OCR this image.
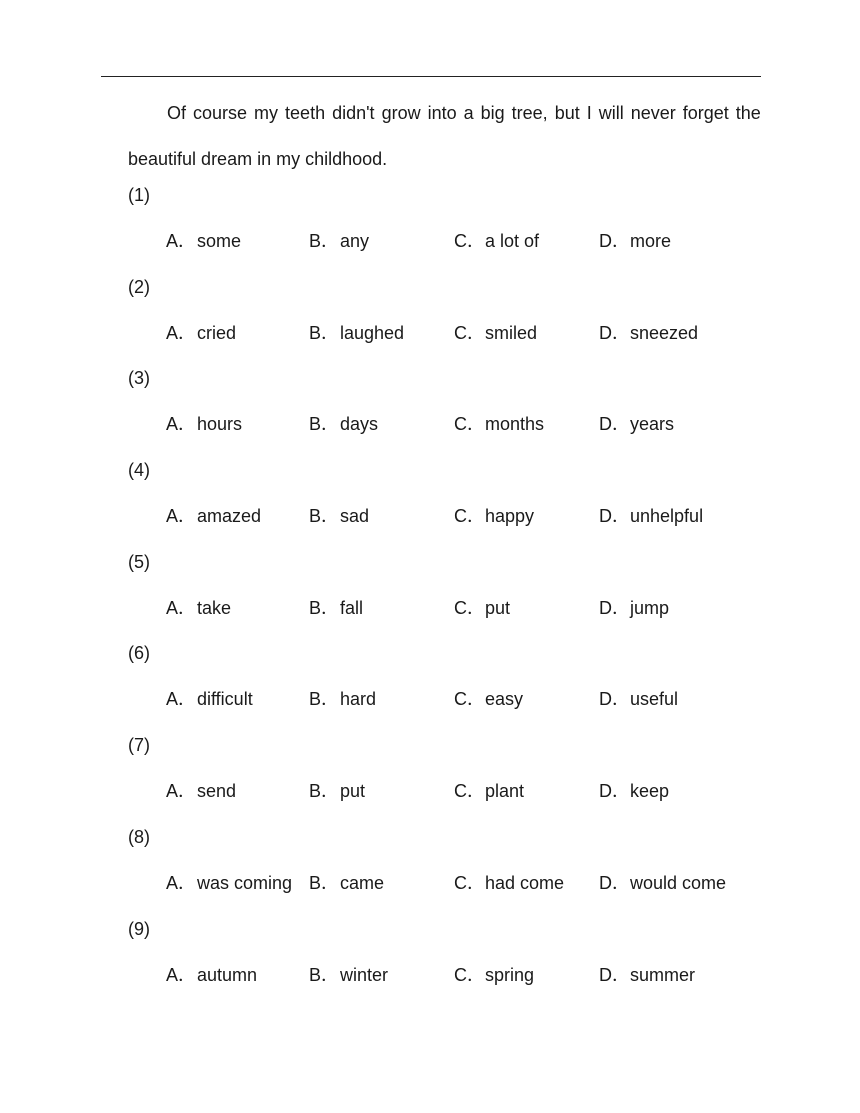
Of course my teeth didn't grow into a big tree, but I will never forget the
beautiful dream in my childhood.
(1)
A．some	B．any	C．a lot of	D．more
(2)
A．cried	B．laughed	C．smiled	D．sneezed
(3)
A．hours	B．days	C．months	D．years
(4)
A．amazed	B．sad	C．happy	D．unhelpful
(5)
A．take	B．fall	C．put	D．jump
(6)
A．difficult	B．hard	C．easy	D．useful
(7)
A．send	B．put	C．plant	D．keep
(8)
A．was coming B．came	C．had come D．would come
(9)
A．autumn	B．winter	C．spring	D．summer
